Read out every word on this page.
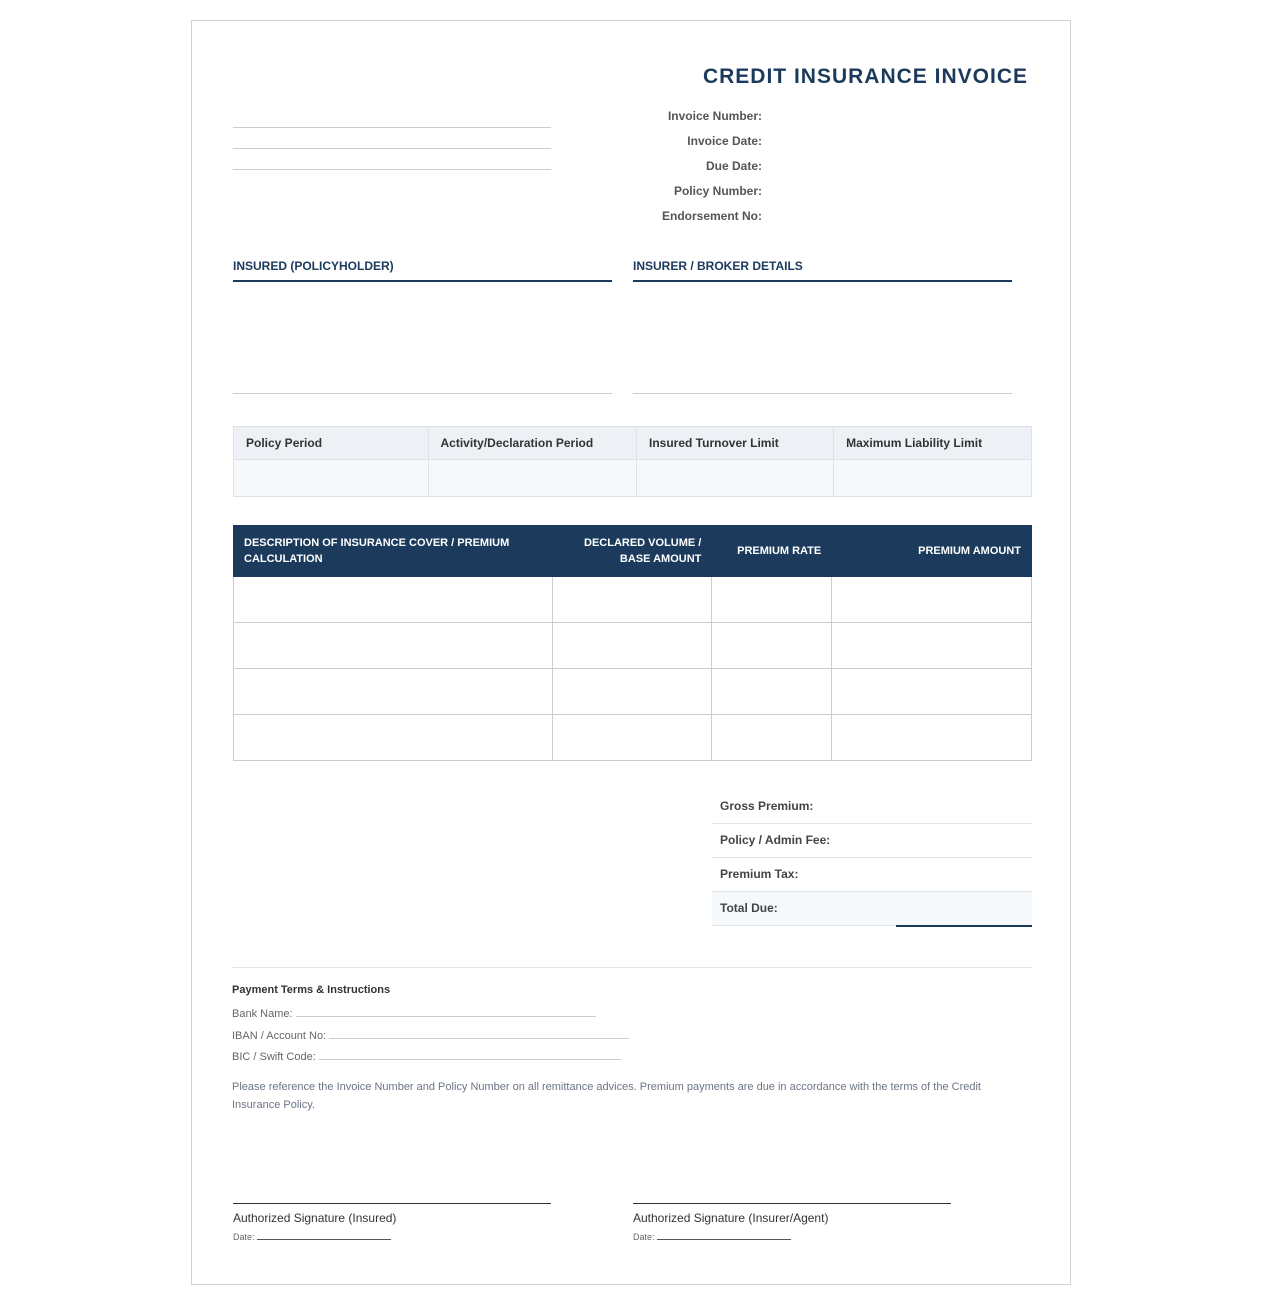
CREDIT INSURANCE INVOICE
Invoice Number:
Invoice Date:
Due Date:
Policy Number:
Endorsement No:
INSURED (POLICYHOLDER)	INSURER / BROKER DETAILS
Policy Period	Activity/Declaration Period	Insured Turnover Limit	Maximum Liability Limit

DESCRIPTION OF INSURANCE COVER / PREMIUM CALCULATION	DECLARED VOLUME / BASE AMOUNT	PREMIUM RATE	PREMIUM AMOUNT

Gross Premium:
Policy / Admin Fee:
Premium Tax:
Total Due:
Payment Terms & Instructions
Bank Name:
IBAN / Account No:
BIC / Swift Code:
Please reference the Invoice Number and Policy Number on all remittance advices. Premium payments are due in accordance with the terms of the Credit Insurance Policy.
Authorized Signature (Insured)
Date:
Authorized Signature (Insurer/Agent)
Date:
